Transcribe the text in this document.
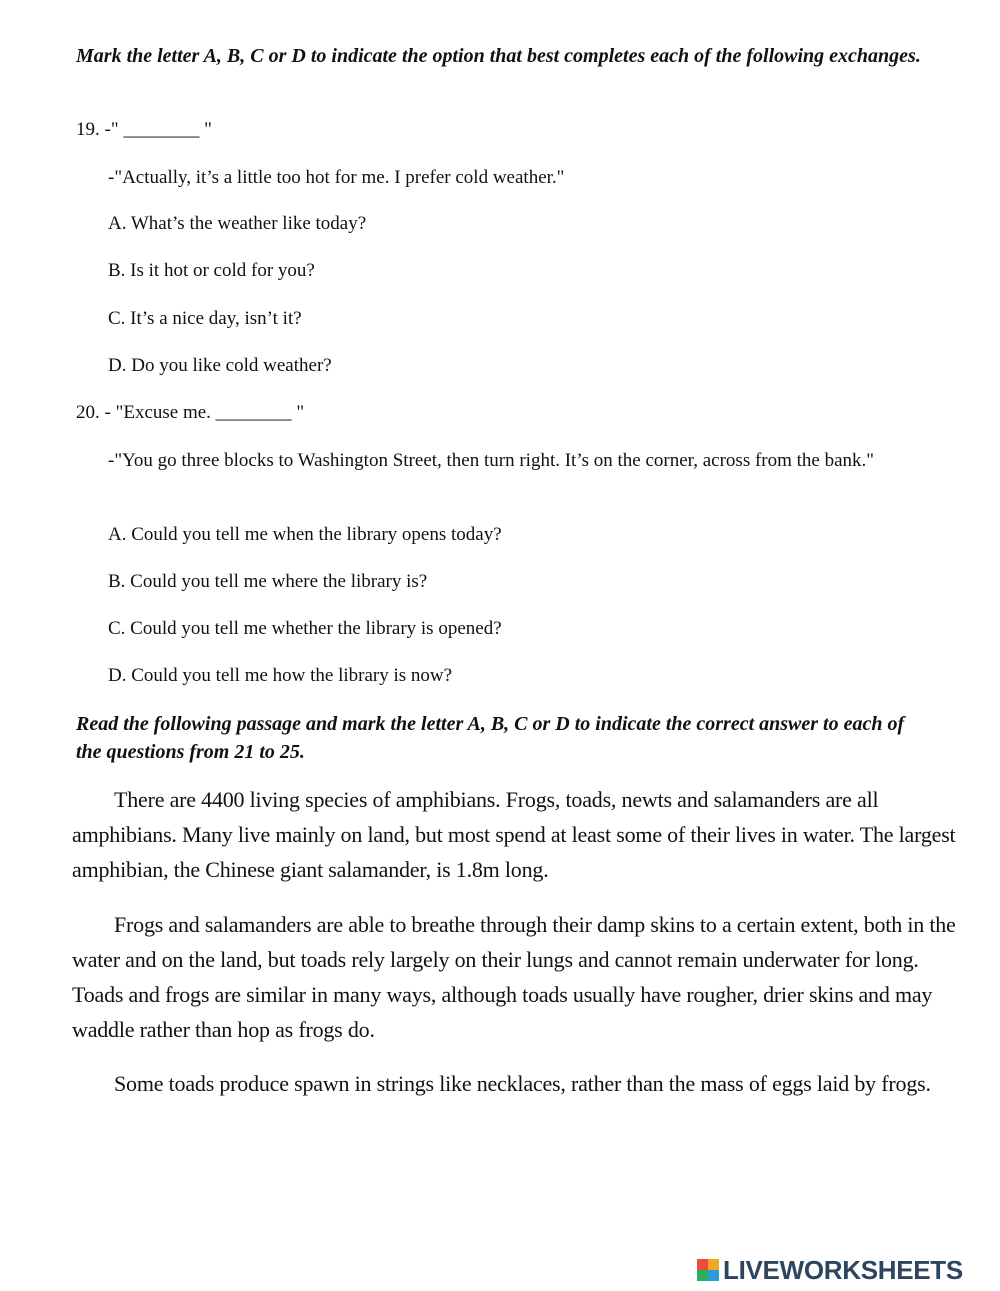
Mark the letter A, B, C or D to indicate the option that best completes each of the following exchanges.
19. -" ________ "
-"Actually, it’s a little too hot for me. I prefer cold weather."
A. What’s the weather like today?
B. Is it hot or cold for you?
C. It’s a nice day, isn’t it?
D. Do you like cold weather?
20. - "Excuse me. ________ "
-"You go three blocks to Washington Street, then turn right. It’s on the corner, across from the bank."
A. Could you tell me when the library opens today?
B. Could you tell me where the library is?
C. Could you tell me whether the library is opened?
D. Could you tell me how the library is now?
Read the following passage and mark the letter A, B, C or D to indicate the correct answer to each of the questions from 21 to 25.

There are 4400 living species of amphibians. Frogs, toads, newts and salamanders are all amphibians. Many live mainly on land, but most spend at least some of their lives in water. The largest amphibian, the Chinese giant salamander, is 1.8m long.

Frogs and salamanders are able to breathe through their damp skins to a certain extent, both in the water and on the land, but toads rely largely on their lungs and cannot remain underwater for long. Toads and frogs are similar in many ways, although toads usually have rougher, drier skins and may waddle rather than hop as frogs do.

Some toads produce spawn in strings like necklaces, rather than the mass of eggs laid by frogs.

LIVEWORKSHEETS
